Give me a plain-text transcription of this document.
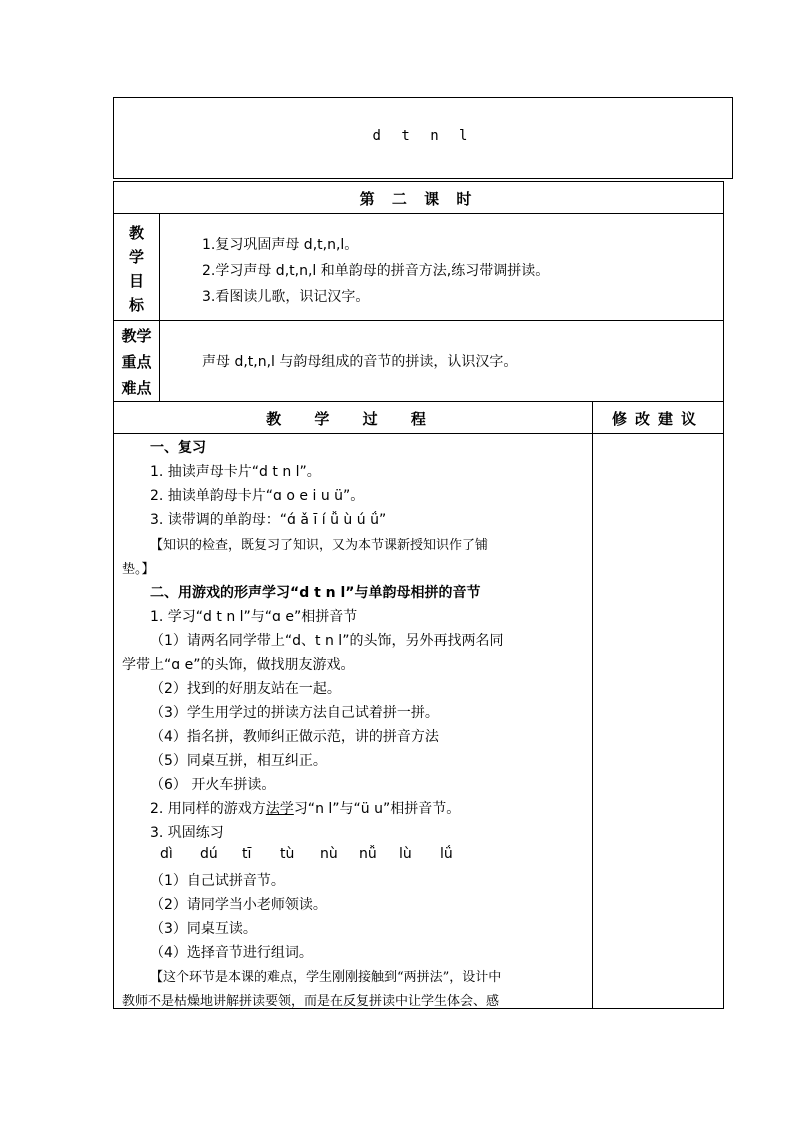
d t n l
第 二 课 时
教
学
目
标
1.复习巩固声母 d,t,n,l。
2.学习声母 d,t,n,l 和单韵母的拼音方法,练习带调拼读。
3.看图读儿歌，识记汉字。
教学
重点
难点
声母 d,t,n,l 与韵母组成的音节的拼读，认识汉字。
教 学 过 程	修改建议
一、复习
1. 抽读声母卡片“d t n l”。
2. 抽读单韵母卡片“ɑ o e i u ü”。
3. 读带调的单韵母：“ɑ́ ǎ ī í ǚ ù ú ǘ”
【知识的检查，既复习了知识，又为本节课新授知识作了铺
垫。】
二、用游戏的形声学习“d t n l”与单韵母相拼的音节
1. 学习“d t n l”与“ɑ e”相拼音节
（1）请两名同学带上“d、t n l”的头饰，另外再找两名同
学带上“ɑ e”的头饰，做找朋友游戏。
（2）找到的好朋友站在一起。
（3）学生用学过的拼读方法自己试着拼一拼。
（4）指名拼，教师纠正做示范，讲的拼音方法
（5）同桌互拼，相互纠正。
（6） 开火车拼读。
2. 用同样的游戏方法学习“n l”与“ü u”相拼音节。
3. 巩固练习
dì dú tī tù nù nǚ lù lǘ
（1）自己试拼音节。
（2）请同学当小老师领读。
（3）同桌互读。
（4）选择音节进行组词。
【这个环节是本课的难点，学生刚刚接触到“两拼法”，设计中
教师不是枯燥地讲解拼读要领，而是在反复拼读中让学生体会、感
